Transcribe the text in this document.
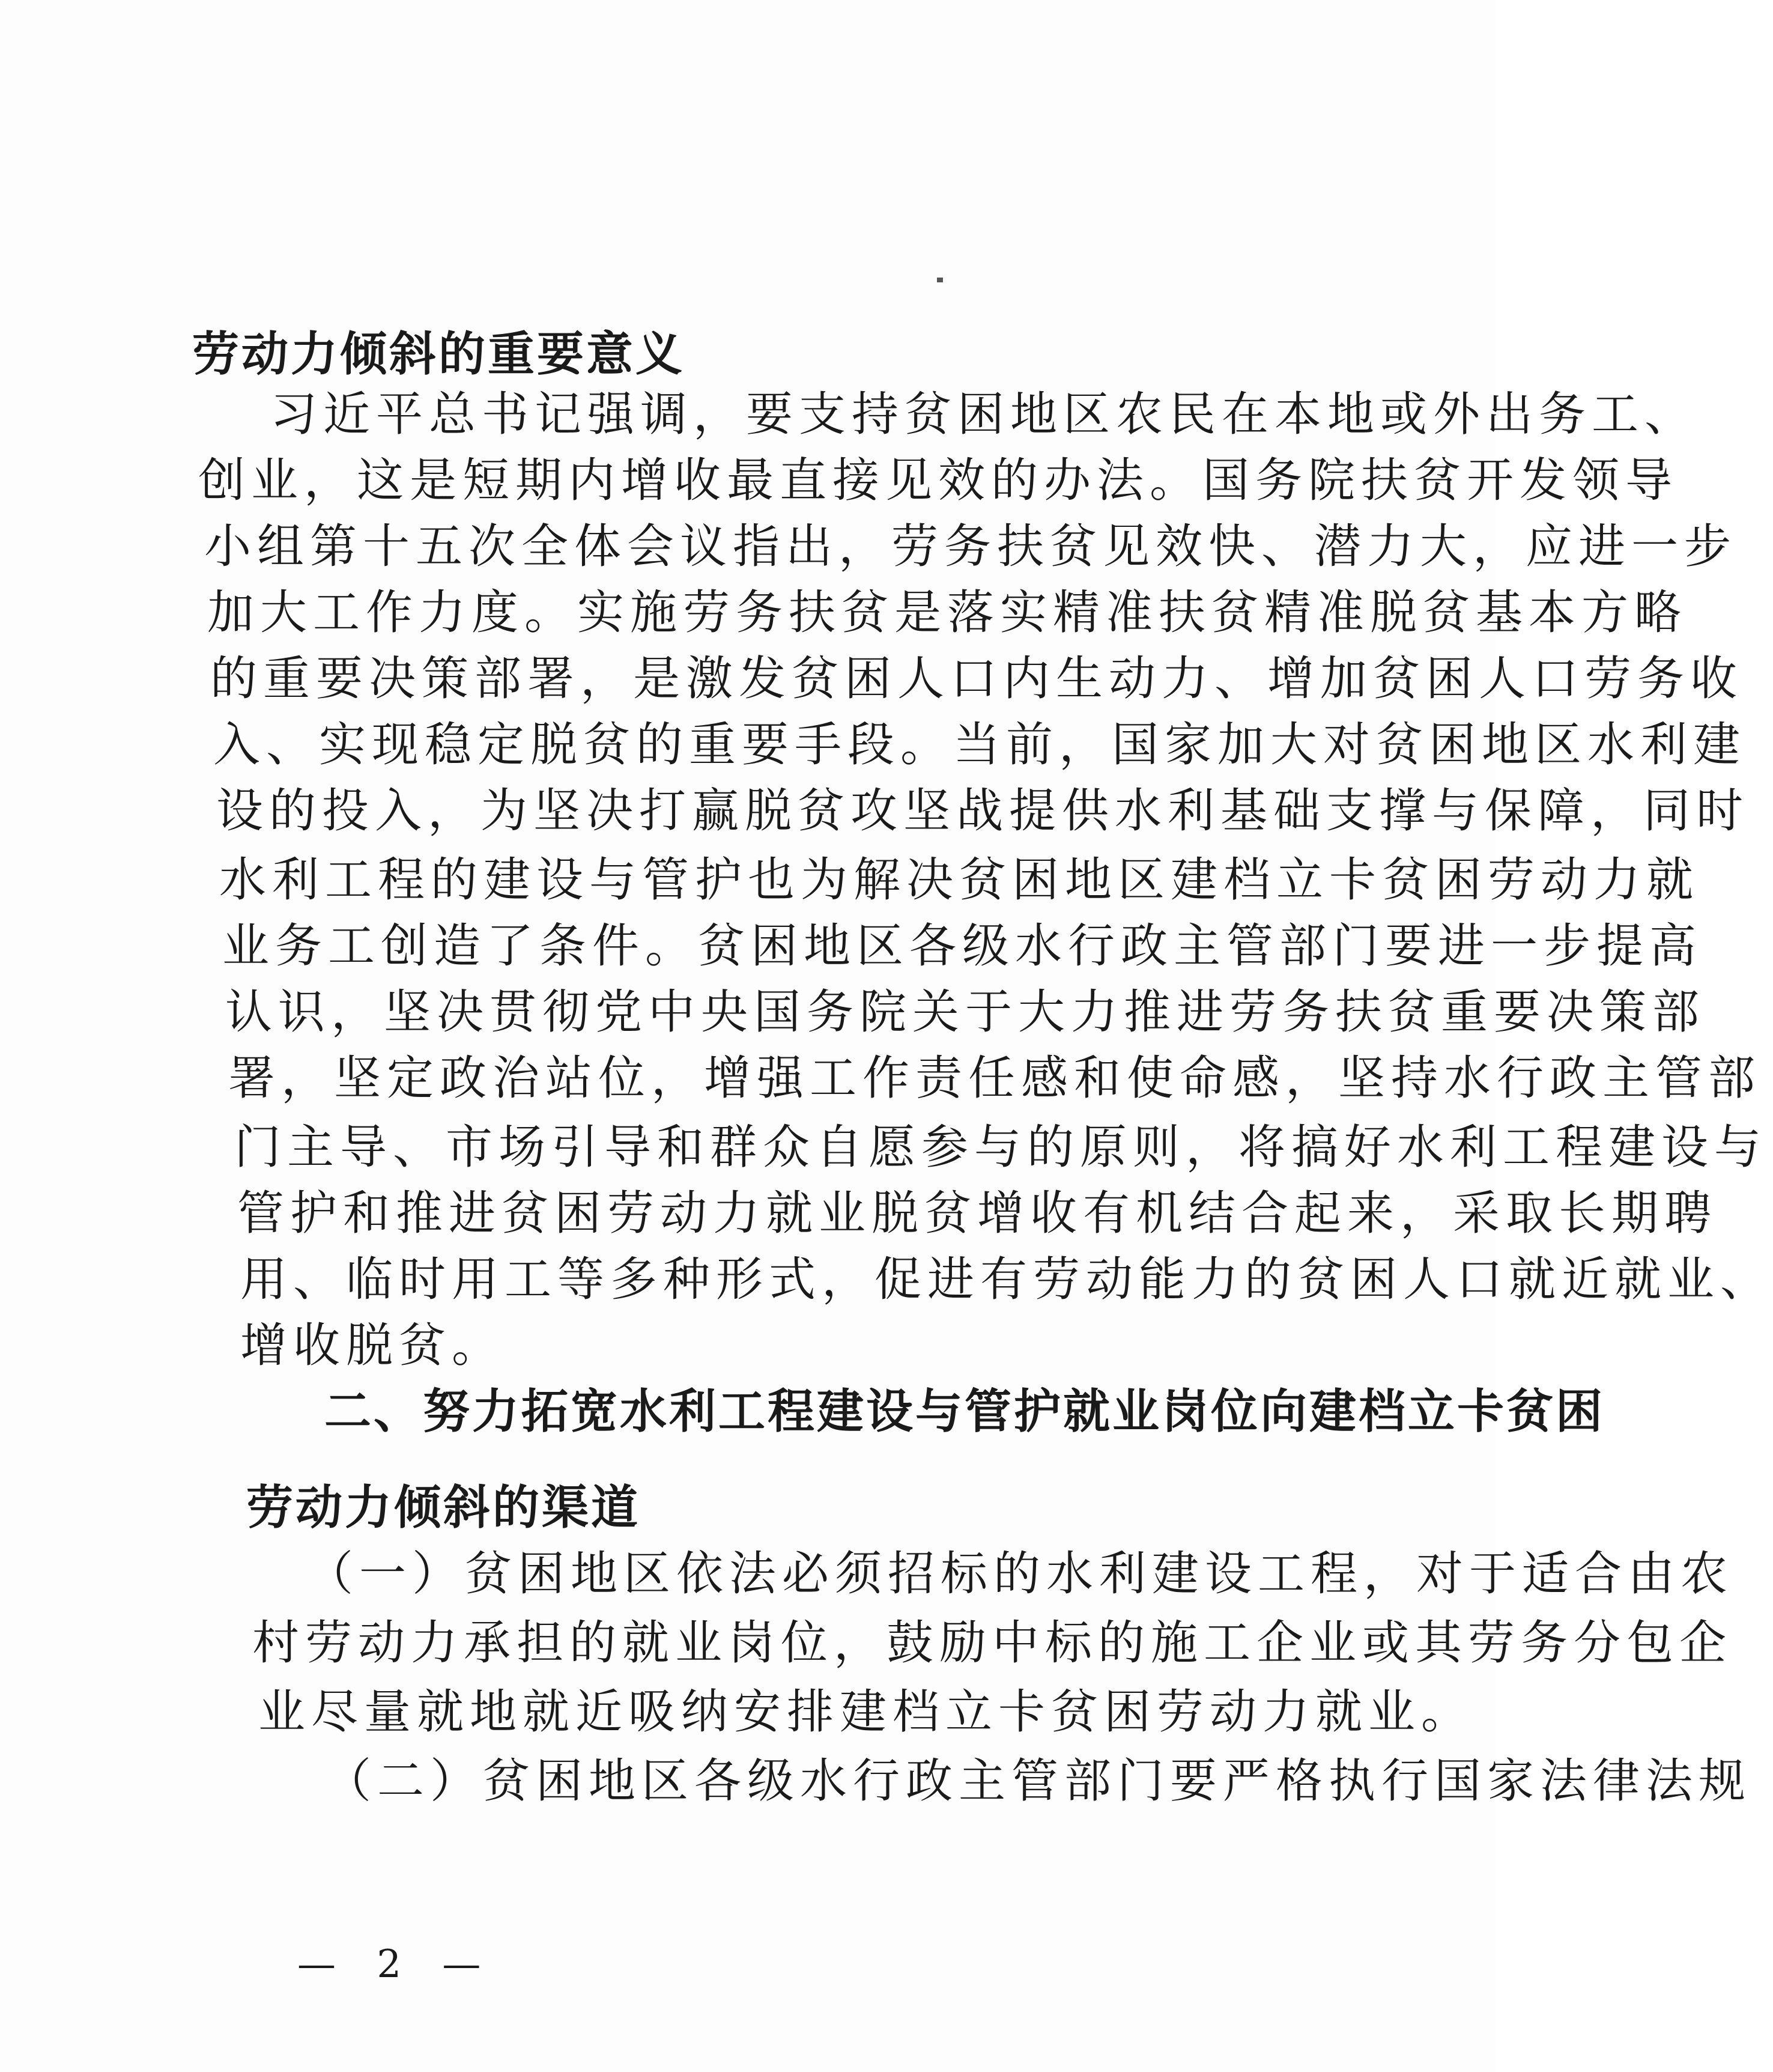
劳动力倾斜的重要意义
习近平总书记强调，要支持贫困地区农民在本地或外出务工、
创业，这是短期内增收最直接见效的办法。国务院扶贫开发领导
小组第十五次全体会议指出，劳务扶贫见效快、潜力大，应进一步
加大工作力度。实施劳务扶贫是落实精准扶贫精准脱贫基本方略
的重要决策部署，是激发贫困人口内生动力、增加贫困人口劳务收
入、实现稳定脱贫的重要手段。当前，国家加大对贫困地区水利建
设的投入，为坚决打赢脱贫攻坚战提供水利基础支撑与保障，同时
水利工程的建设与管护也为解决贫困地区建档立卡贫困劳动力就
业务工创造了条件。贫困地区各级水行政主管部门要进一步提高
认识，坚决贯彻党中央国务院关于大力推进劳务扶贫重要决策部
署，坚定政治站位，增强工作责任感和使命感，坚持水行政主管部
门主导、市场引导和群众自愿参与的原则，将搞好水利工程建设与
管护和推进贫困劳动力就业脱贫增收有机结合起来，采取长期聘
用、临时用工等多种形式，促进有劳动能力的贫困人口就近就业、
增收脱贫。
二、努力拓宽水利工程建设与管护就业岗位向建档立卡贫困
劳动力倾斜的渠道
（一）贫困地区依法必须招标的水利建设工程，对于适合由农
村劳动力承担的就业岗位，鼓励中标的施工企业或其劳务分包企
业尽量就地就近吸纳安排建档立卡贫困劳动力就业。
（二）贫困地区各级水行政主管部门要严格执行国家法律法规
— 2 —
